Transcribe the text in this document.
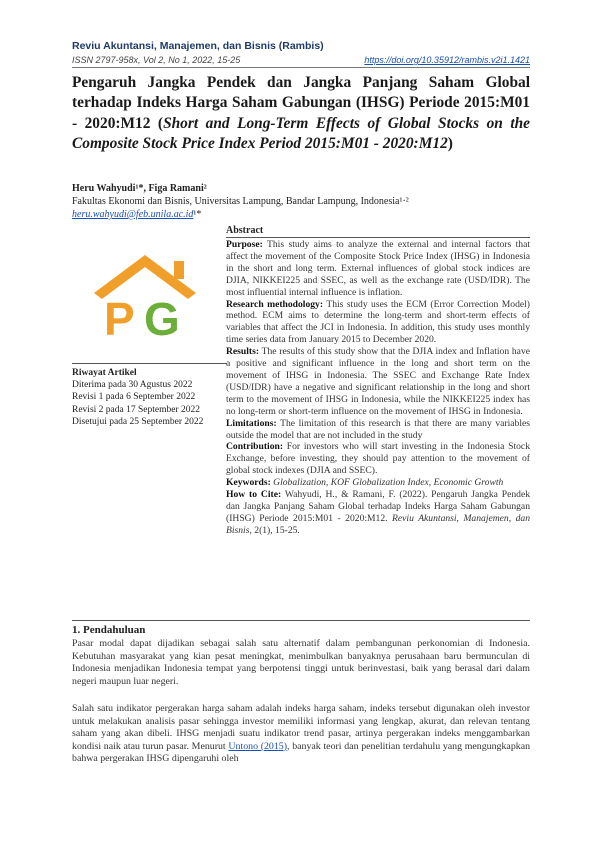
Reviu Akuntansi, Manajemen, dan Bisnis (Rambis)
ISSN 2797-958x, Vol 2, No 1, 2022, 15-25	https://doi.org/10.35912/rambis.v2i1.1421
Pengaruh Jangka Pendek dan Jangka Panjang Saham Global terhadap Indeks Harga Saham Gabungan (IHSG) Periode 2015:M01 - 2020:M12 (Short and Long-Term Effects of Global Stocks on the Composite Stock Price Index Period 2015:M01 - 2020:M12)
Heru Wahyudi¹*, Figa Ramani²
Fakultas Ekonomi dan Bisnis, Universitas Lampung, Bandar Lampung, Indonesia¹·²
heru.wahyudi@feb.unila.ac.id¹*
P G
Riwayat Artikel
Diterima pada 30 Agustus 2022
Revisi 1 pada 6 September 2022
Revisi 2 pada 17 September 2022
Disetujui pada 25 September 2022
Abstract

Purpose: This study aims to analyze the external and internal factors that affect the movement of the Composite Stock Price Index (IHSG) in Indonesia in the short and long term. External influences of global stock indices are DJIA, NIKKEI225 and SSEC, as well as the exchange rate (USD/IDR). The most influential internal influence is inflation.

Research methodology: This study uses the ECM (Error Correction Model) method. ECM aims to determine the long-term and short-term effects of variables that affect the JCI in Indonesia. In addition, this study uses monthly time series data from January 2015 to December 2020.

Results: The results of this study show that the DJIA index and Inflation have a positive and significant influence in the long and short term on the movement of IHSG in Indonesia. The SSEC and Exchange Rate Index (USD/IDR) have a negative and significant relationship in the long and short term to the movement of IHSG in Indonesia, while the NIKKEI225 index has no long-term or short-term influence on the movement of IHSG in Indonesia.

Limitations: The limitation of this research is that there are many variables outside the model that are not included in the study

Contribution: For investors who will start investing in the Indonesia Stock Exchange, before investing, they should pay attention to the movement of global stock indexes (DJIA and SSEC).

Keywords: Globalization, KOF Globalization Index, Economic Growth

How to Cite: Wahyudi, H., & Ramani, F. (2022). Pengaruh Jangka Pendek dan Jangka Panjang Saham Global terhadap Indeks Harga Saham Gabungan (IHSG) Periode 2015:M01 - 2020:M12. Reviu Akuntansi, Manajemen, dan Bisnis, 2(1), 15-25.

1. Pendahuluan
Pasar modal dapat dijadikan sebagai salah satu alternatif dalam pembangunan perkonomian di Indonesia. Kebutuhan masyarakat yang kian pesat meningkat, menimbulkan banyaknya perusahaan baru bermunculan di Indonesia menjadikan Indonesia tempat yang berpotensi tinggi untuk berinvestasi, baik yang berasal dari dalam negeri maupun luar negeri.
Salah satu indikator pergerakan harga saham adalah indeks harga saham, indeks tersebut digunakan oleh investor untuk melakukan analisis pasar sehingga investor memiliki informasi yang lengkap, akurat, dan relevan tentang saham yang akan dibeli. IHSG menjadi suatu indikator trend pasar, artinya pergerakan indeks menggambarkan kondisi naik atau turun pasar. Menurut Untono (2015), banyak teori dan penelitian terdahulu yang mengungkapkan bahwa pergerakan IHSG dipengaruhi oleh
